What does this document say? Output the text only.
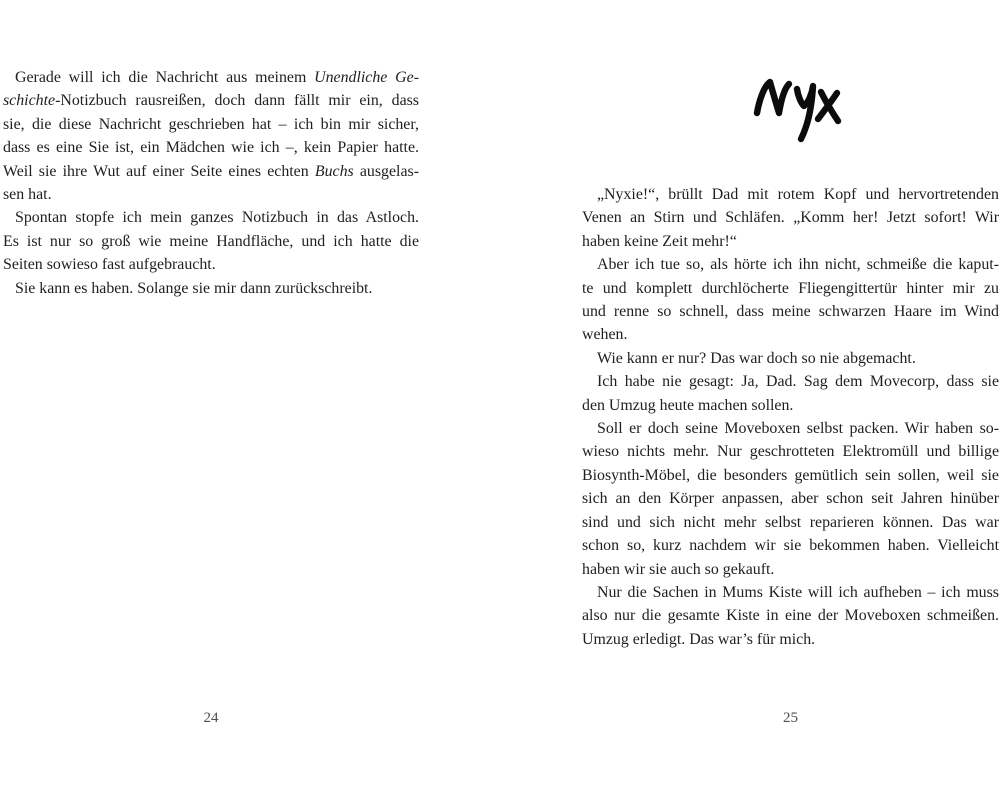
Gerade will ich die Nachricht aus meinem Unendliche Ge-
schichte-Notizbuch rausreißen, doch dann fällt mir ein, dass
sie, die diese Nachricht geschrieben hat – ich bin mir sicher,
dass es eine Sie ist, ein Mädchen wie ich –, kein Papier hatte.
Weil sie ihre Wut auf einer Seite eines echten Buchs ausgelas-
sen hat.
Spontan stopfe ich mein ganzes Notizbuch in das Astloch.
Es ist nur so groß wie meine Handfläche, und ich hatte die
Seiten sowieso fast aufgebraucht.
Sie kann es haben. Solange sie mir dann zurückschreibt.
24
„Nyxie!“, brüllt Dad mit rotem Kopf und hervortretenden
Venen an Stirn und Schläfen. „Komm her! Jetzt sofort! Wir
haben keine Zeit mehr!“
Aber ich tue so, als hörte ich ihn nicht, schmeiße die kaput-
te und komplett durchlöcherte Fliegengittertür hinter mir zu
und renne so schnell, dass meine schwarzen Haare im Wind
wehen.
Wie kann er nur? Das war doch so nie abgemacht.
Ich habe nie gesagt: Ja, Dad. Sag dem Movecorp, dass sie
den Umzug heute machen sollen.
Soll er doch seine Moveboxen selbst packen. Wir haben so-
wieso nichts mehr. Nur geschrotteten Elektromüll und billige
Biosynth-Möbel, die besonders gemütlich sein sollen, weil sie
sich an den Körper anpassen, aber schon seit Jahren hinüber
sind und sich nicht mehr selbst reparieren können. Das war
schon so, kurz nachdem wir sie bekommen haben. Vielleicht
haben wir sie auch so gekauft.
Nur die Sachen in Mums Kiste will ich aufheben – ich muss
also nur die gesamte Kiste in eine der Moveboxen schmeißen.
Umzug erledigt. Das war’s für mich.
25
